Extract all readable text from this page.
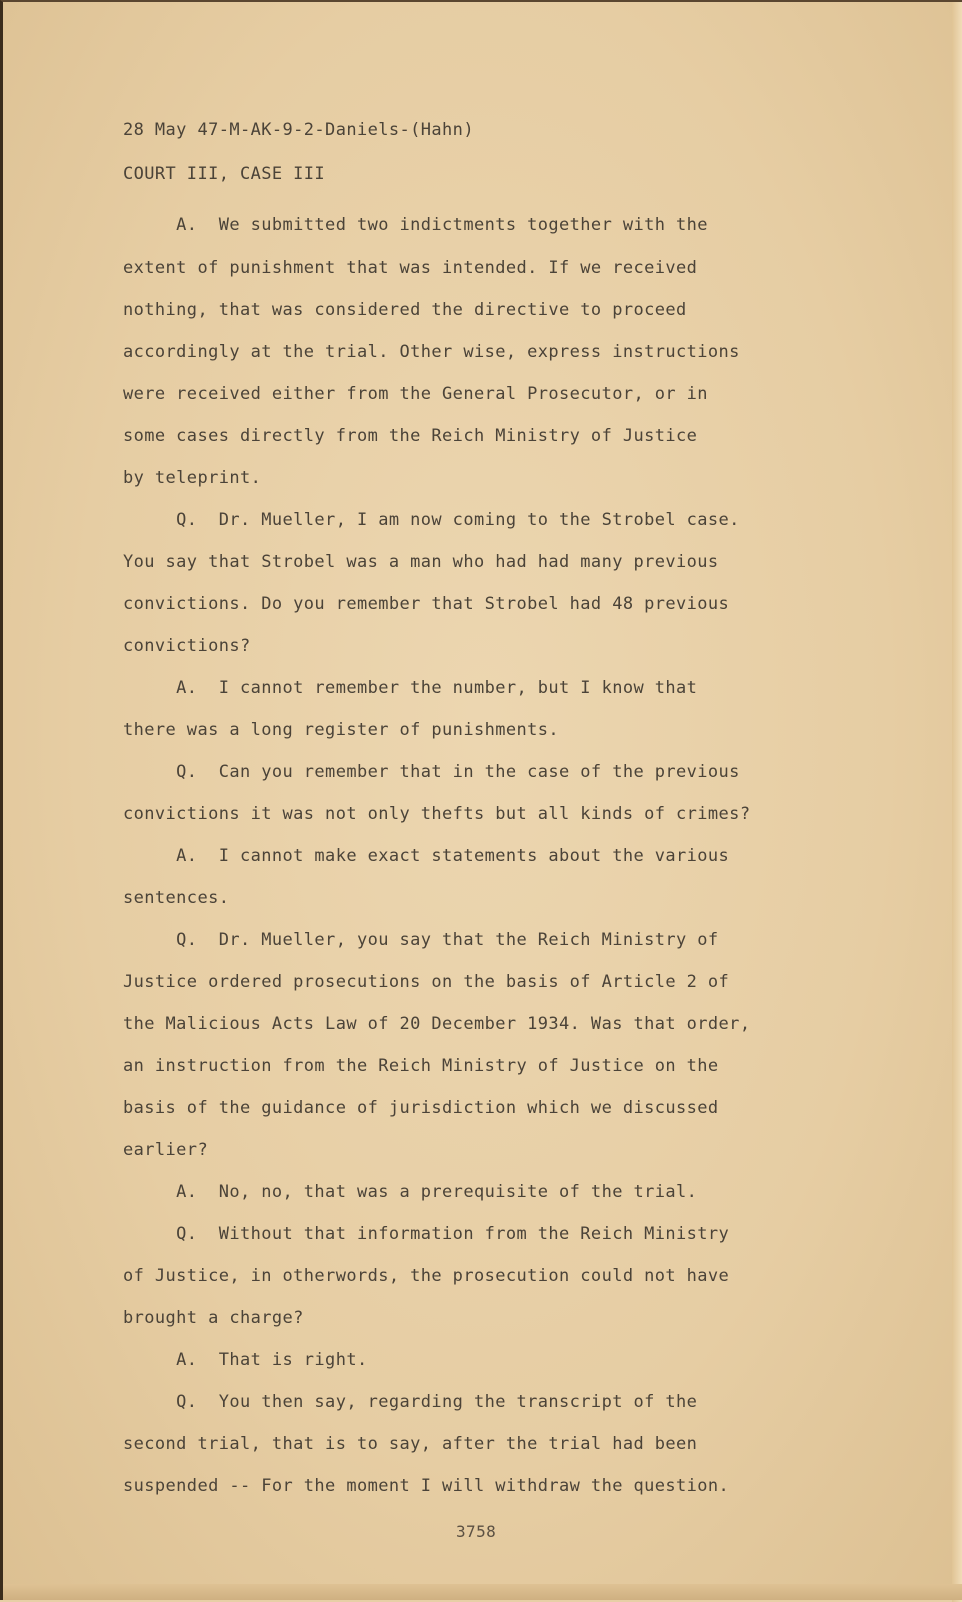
28 May 47-M-AK-9-2-Daniels-(Hahn)
COURT III, CASE III
A.  We submitted two indictments together with the
extent of punishment that was intended. If we received
nothing, that was considered the directive to proceed
accordingly at the trial. Other wise, express instructions
were received either from the General Prosecutor, or in
some cases directly from the Reich Ministry of Justice
by teleprint.
Q.  Dr. Mueller, I am now coming to the Strobel case.
You say that Strobel was a man who had had many previous
convictions. Do you remember that Strobel had 48 previous
convictions?
A.  I cannot remember the number, but I know that
there was a long register of punishments.
Q.  Can you remember that in the case of the previous
convictions it was not only thefts but all kinds of crimes?
A.  I cannot make exact statements about the various
sentences.
Q.  Dr. Mueller, you say that the Reich Ministry of
Justice ordered prosecutions on the basis of Article 2 of
the Malicious Acts Law of 20 December 1934. Was that order,
an instruction from the Reich Ministry of Justice on the
basis of the guidance of jurisdiction which we discussed
earlier?
A.  No, no, that was a prerequisite of the trial.
Q.  Without that information from the Reich Ministry
of Justice, in otherwords, the prosecution could not have
brought a charge?
A.  That is right.
Q.  You then say, regarding the transcript of the
second trial, that is to say, after the trial had been
suspended -- For the moment I will withdraw the question.
3758
